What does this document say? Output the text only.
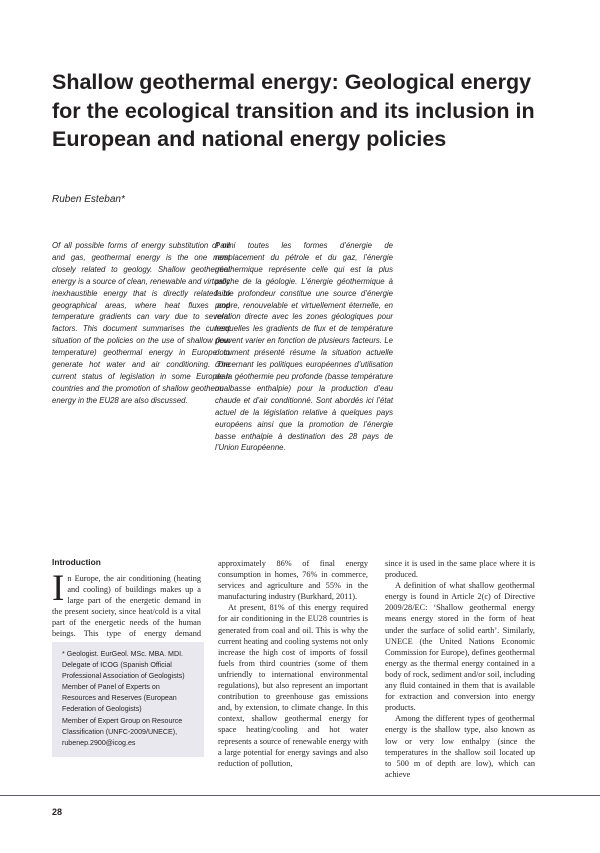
Shallow geothermal energy: Geological energy for the ecological transition and its inclusion in European and national energy policies
Ruben Esteban*

Of all possible forms of energy substitution of oil and gas, geothermal energy is the one most closely related to geology. Shallow geothermal energy is a source of clean, renewable and virtually inexhaustible energy that is directly related to geographical areas, where heat fluxes and temperature gradients can vary due to several factors. This document summarises the current situation of the policies on the use of shallow (low temperature) geothermal energy in Europe to generate hot water and air conditioning. The current status of legislation in some European countries and the promotion of shallow geothermal energy in the EU28 are also discussed.

Parmi toutes les formes d’énergie de remplacement du pétrole et du gaz, l’énergie géothermique représente celle qui est la plus proche de la géologie. L’énergie géothermique à faible profondeur constitue une source d’énergie propre, renouvelable et virtuellement éternelle, en relation directe avec les zones géologiques pour lesquelles les gradients de flux et de température peuvent varier en fonction de plusieurs facteurs. Le document présenté résume la situation actuelle concernant les politiques européennes d’utilisation de la géothermie peu profonde (basse température ou basse enthalpie) pour la production d’eau chaude et d’air conditionné. Sont abordés ici l’état actuel de la législation relative à quelques pays européens ainsi que la promotion de l’énergie basse enthalpie à destination des 28 pays de l’Union Européenne.

Introduction

In Europe, the air conditioning (heating and cooling) of buildings makes up a large part of the energetic demand in the present society, since heat/cold is a vital part of the energetic needs of the human beings. This type of energy demand

* Geologist. EurGeol. MSc. MBA. MDI.
Delegate of ICOG (Spanish Official
Professional Association of Geologists)
Member of Panel of Experts on
Resources and Reserves (European
Federation of Geologists)
Member of Expert Group on Resource
Classification (UNFC-2009/UNECE),
rubenep.2900@icog.es

approximately 86% of final energy consumption in homes, 76% in commerce, services and agriculture and 55% in the manufacturing industry (Burkhard, 2011).

At present, 81% of this energy required for air conditioning in the EU28 countries is generated from coal and oil. This is why the current heating and cooling systems not only increase the high cost of imports of fossil fuels from third countries (some of them unfriendly to international environmental regulations), but also represent an important contribution to greenhouse gas emissions and, by extension, to climate change. In this context, shallow geothermal energy for space heating/cooling and hot water represents a source of renewable energy with a large potential for energy savings and also reduction of pollution,

since it is used in the same place where it is produced.

A definition of what shallow geothermal energy is found in Article 2(c) of Directive 2009/28/EC: ‘Shallow geothermal energy means energy stored in the form of heat under the surface of solid earth’. Similarly, UNECE (the United Nations Economic Commission for Europe), defines geothermal energy as the thermal energy contained in a body of rock, sediment and/or soil, including any fluid contained in them that is available for extraction and conversion into energy products.

Among the different types of geothermal energy is the shallow type, also known as low or very low enthalpy (since the temperatures in the shallow soil located up to 500 m of depth are low), which can achieve

28
